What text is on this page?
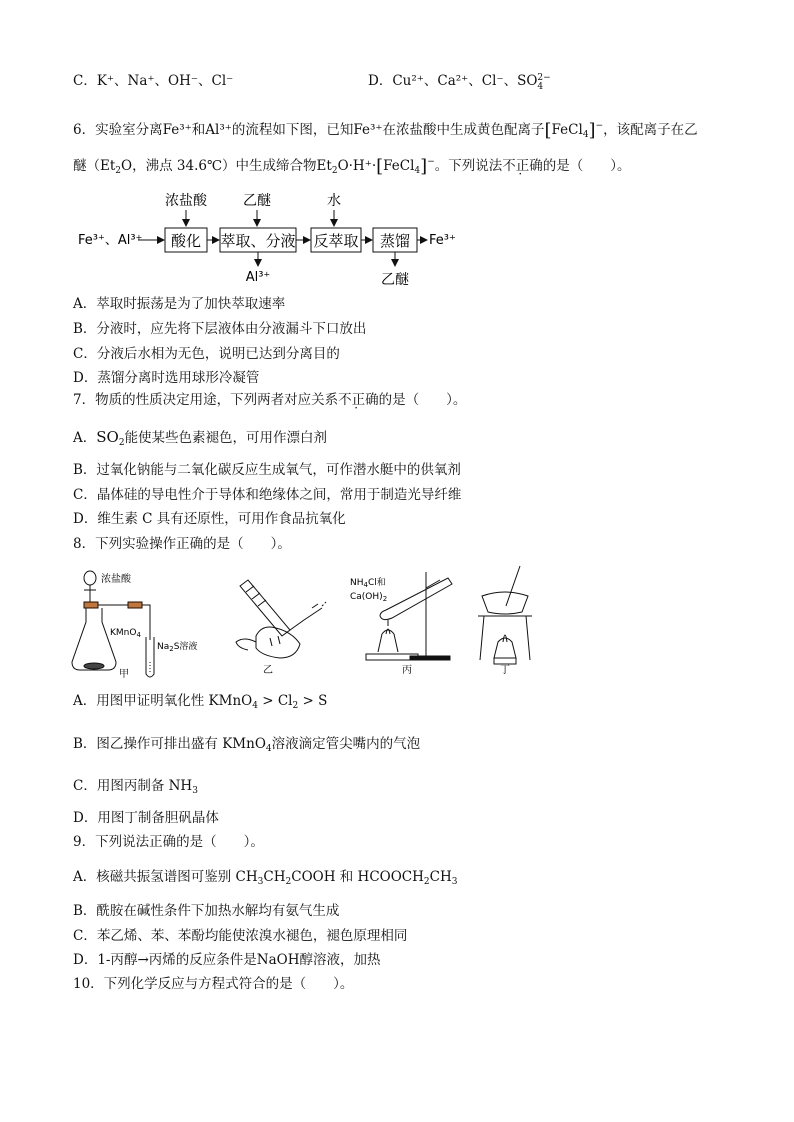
C．K⁺、Na⁺、OH⁻、Cl⁻	D．Cu²⁺、Ca²⁺、Cl⁻、SO2−
4
6．实验室分离Fe³⁺和Al³⁺的流程如下图，已知Fe³⁺在浓盐酸中生成黄色配离子[FeCl$_4$]−，该配离子在乙
醚（$Et_2O$，沸点 34.6℃）中生成缔合物$Et_2O\cdot H^+\cdot[FeCl_4]^-$。下列说法不正确的是（　　）。
浓盐酸	乙醚	水
Fe³⁺、Al³⁺ 酸化 萃取、分液 反萃取 蒸馏 Fe³⁺
Al³⁺	乙醚
A．萃取时振荡是为了加快萃取速率
B．分液时，应先将下层液体由分液漏斗下口放出
C．分液后水相为无色，说明已达到分离目的
D．蒸馏分离时选用球形冷凝管
7．物质的性质决定用途，下列两者对应关系不正确的是（　　）。
A．$SO_2$能使某些色素褪色，可用作漂白剂
B．过氧化钠能与二氧化碳反应生成氧气，可作潜水艇中的供氧剂
C．晶体硅的导电性介于导体和绝缘体之间，常用于制造光导纤维
D．维生素 C 具有还原性，可用作食品抗氧化
8．下列实验操作正确的是（　　）。
浓盐酸
KMnO$_4$
$Na_2S$溶液
甲	乙
$NH_4Cl$和
$Ca(OH)_2$
丙	丁
A．用图甲证明氧化性 KMnO$_4$ > $Cl_2 > S$
B．图乙操作可排出盛有 KMnO$_4$溶液滴定管尖嘴内的气泡
C．用图丙制备 $NH_3$
D．用图丁制备胆矾晶体
9．下列说法正确的是（　　）。
A．核磁共振氢谱图可鉴别 $CH_3CH_2COOH$ 和 $HCOOCH_2CH_3$
B．酰胺在碱性条件下加热水解均有氨气生成
C．苯乙烯、苯、苯酚均能使浓溴水褪色，褪色原理相同
D．1-丙醇→丙烯的反应条件是NaOH醇溶液，加热
10．下列化学反应与方程式符合的是（　　）。
